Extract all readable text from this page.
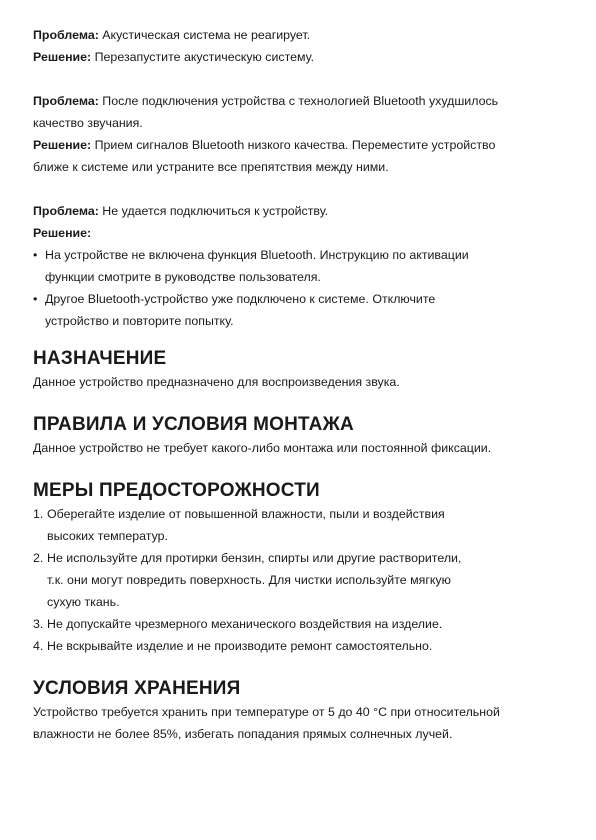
Проблема: Акустическая система не реагирует.

Решение: Перезапустите акустическую систему.

Проблема: После подключения устройства с технологией Bluetooth ухудшилось

качество звучания.

Решение: Прием сигналов Bluetooth низкого качества. Переместите устройство

ближе к системе или устраните все препятствия между ними.

Проблема: Не удается подключиться к устройству.

Решение:

• На устройстве не включена функция Bluetooth. Инструкцию по активации

функции смотрите в руководстве пользователя.

• Другое Bluetooth-устройство уже подключено к системе. Отключите

устройство и повторите попытку.

НАЗНАЧЕНИЕ

Данное устройство предназначено для воспроизведения звука.

ПРАВИЛА И УСЛОВИЯ МОНТАЖА

Данное устройство не требует какого-либо монтажа или постоянной фиксации.

МЕРЫ ПРЕДОСТОРОЖНОСТИ
1. Оберегайте изделие от повышенной влажности, пыли и воздействия

высоких температур.

2. Не используйте для протирки бензин, спирты или другие растворители,

т.к. они могут повредить поверхность. Для чистки используйте мягкую

сухую ткань.

3. Не допускайте чрезмерного механического воздействия на изделие.

4. Не вскрывайте изделие и не производите ремонт самостоятельно.

УСЛОВИЯ ХРАНЕНИЯ

Устройство требуется хранить при температуре от 5 до 40 °C при относительной

влажности не более 85%, избегать попадания прямых солнечных лучей.
